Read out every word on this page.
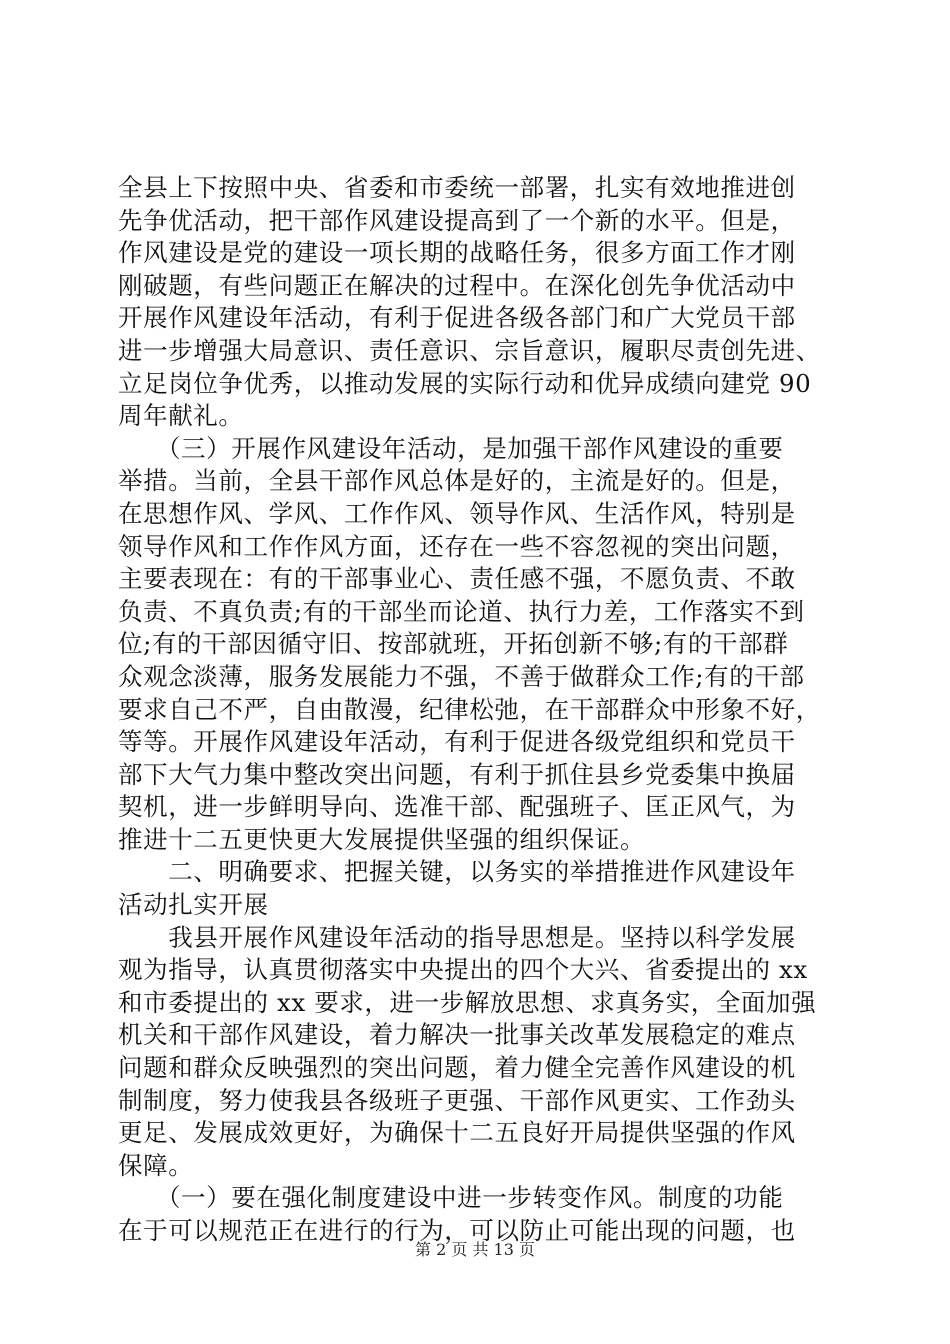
全县上下按照中央、省委和市委统一部署，扎实有效地推进创
先争优活动，把干部作风建设提高到了一个新的水平。但是，
作风建设是党的建设一项长期的战略任务，很多方面工作才刚
刚破题，有些问题正在解决的过程中。在深化创先争优活动中
开展作风建设年活动，有利于促进各级各部门和广大党员干部
进一步增强大局意识、责任意识、宗旨意识，履职尽责创先进、
立足岗位争优秀，以推动发展的实际行动和优异成绩向建党 90
周年献礼。
　　（三）开展作风建设年活动，是加强干部作风建设的重要
举措。当前，全县干部作风总体是好的，主流是好的。但是，
在思想作风、学风、工作作风、领导作风、生活作风，特别是
领导作风和工作作风方面，还存在一些不容忽视的突出问题，
主要表现在：有的干部事业心、责任感不强，不愿负责、不敢
负责、不真负责;有的干部坐而论道、执行力差，工作落实不到
位;有的干部因循守旧、按部就班，开拓创新不够;有的干部群
众观念淡薄，服务发展能力不强，不善于做群众工作;有的干部
要求自己不严，自由散漫，纪律松弛，在干部群众中形象不好，
等等。开展作风建设年活动，有利于促进各级党组织和党员干
部下大气力集中整改突出问题，有利于抓住县乡党委集中换届
契机，进一步鲜明导向、选准干部、配强班子、匡正风气，为
推进十二五更快更大发展提供坚强的组织保证。
　　二、明确要求、把握关键，以务实的举措推进作风建设年
活动扎实开展
　　我县开展作风建设年活动的指导思想是。坚持以科学发展
观为指导，认真贯彻落实中央提出的四个大兴、省委提出的 xx
和市委提出的 xx 要求，进一步解放思想、求真务实，全面加强
机关和干部作风建设，着力解决一批事关改革发展稳定的难点
问题和群众反映强烈的突出问题，着力健全完善作风建设的机
制制度，努力使我县各级班子更强、干部作风更实、工作劲头
更足、发展成效更好，为确保十二五良好开局提供坚强的作风
保障。
　　（一）要在强化制度建设中进一步转变作风。制度的功能
在于可以规范正在进行的行为，可以防止可能出现的问题，也
第 2 页 共 13 页
